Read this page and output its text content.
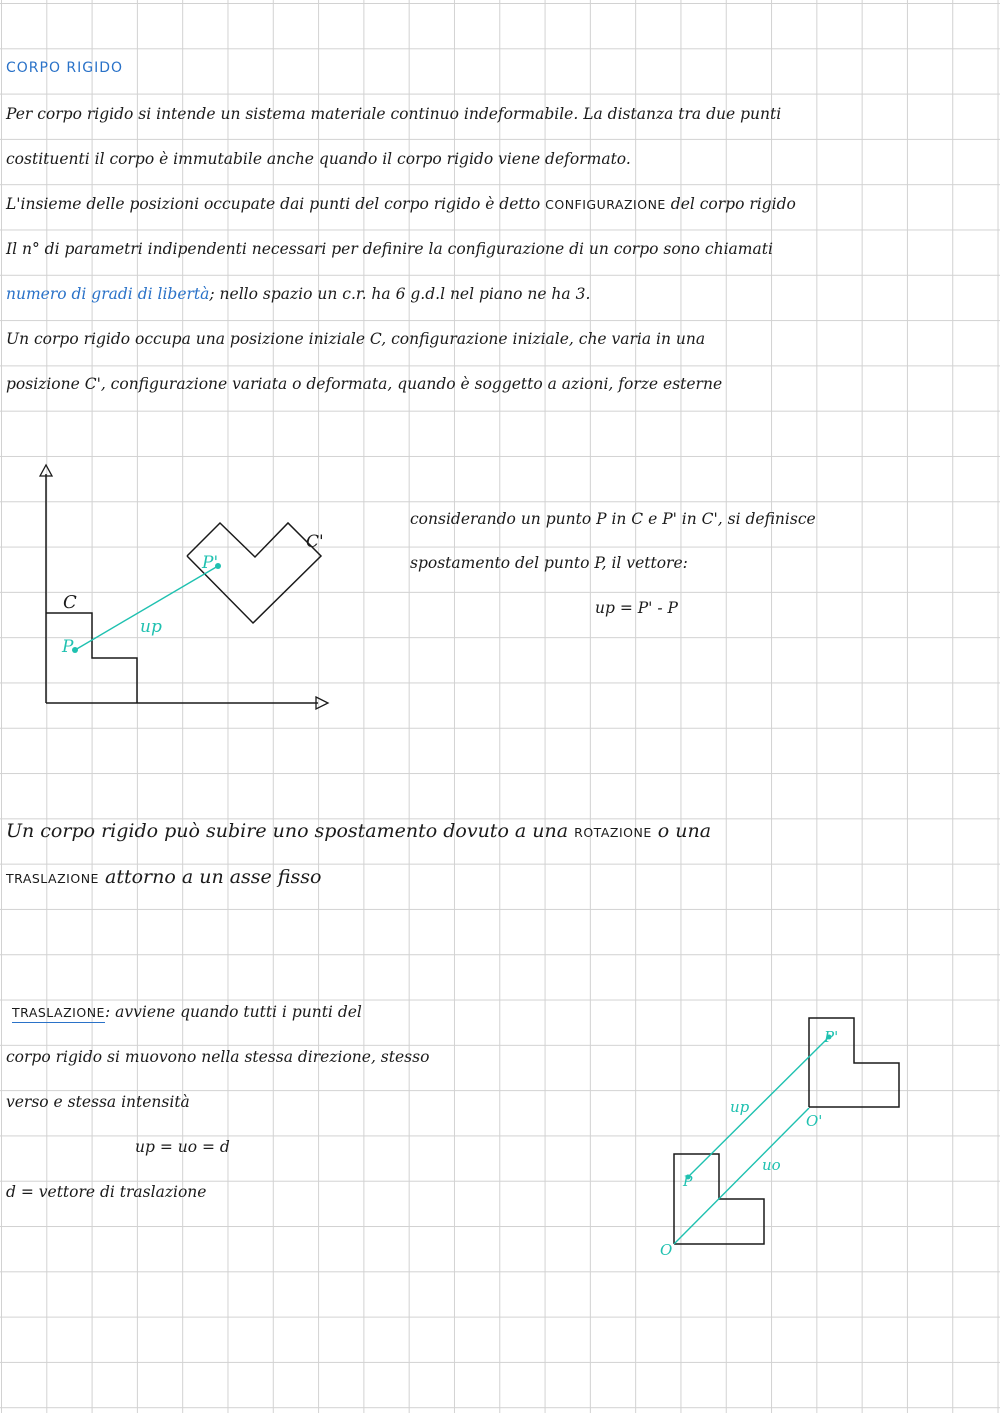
CORPO RIGIDO
Per corpo rigido si intende un sistema materiale continuo indeformabile. La distanza tra due punti
costituenti il corpo è immutabile anche quando il corpo rigido viene deformato.
L'insieme delle posizioni occupate dai punti del corpo rigido è detto CONFIGURAZIONE del corpo rigido
Il n° di parametri indipendenti necessari per definire la configurazione di un corpo sono chiamati
numero di gradi di libertà; nello spazio un c.r. ha 6 g.d.l nel piano ne ha 3.
Un corpo rigido occupa una posizione iniziale C, configurazione iniziale, che varia in una
posizione C', configurazione variata o deformata, quando è soggetto a azioni, forze esterne
C
C'
P
P'
up
considerando un punto P in C e P' in C', si definisce
spostamento del punto P, il vettore:
up = P' - P
Un corpo rigido può subire uno spostamento dovuto a una ROTAZIONE o una
TRASLAZIONE attorno a un asse fisso
TRASLAZIONE: avviene quando tutti i punti del
corpo rigido si muovono nella stessa direzione, stesso
verso e stessa intensità
up = uo = d
d = vettore di traslazione
O
O'
P
P'
up
uo
